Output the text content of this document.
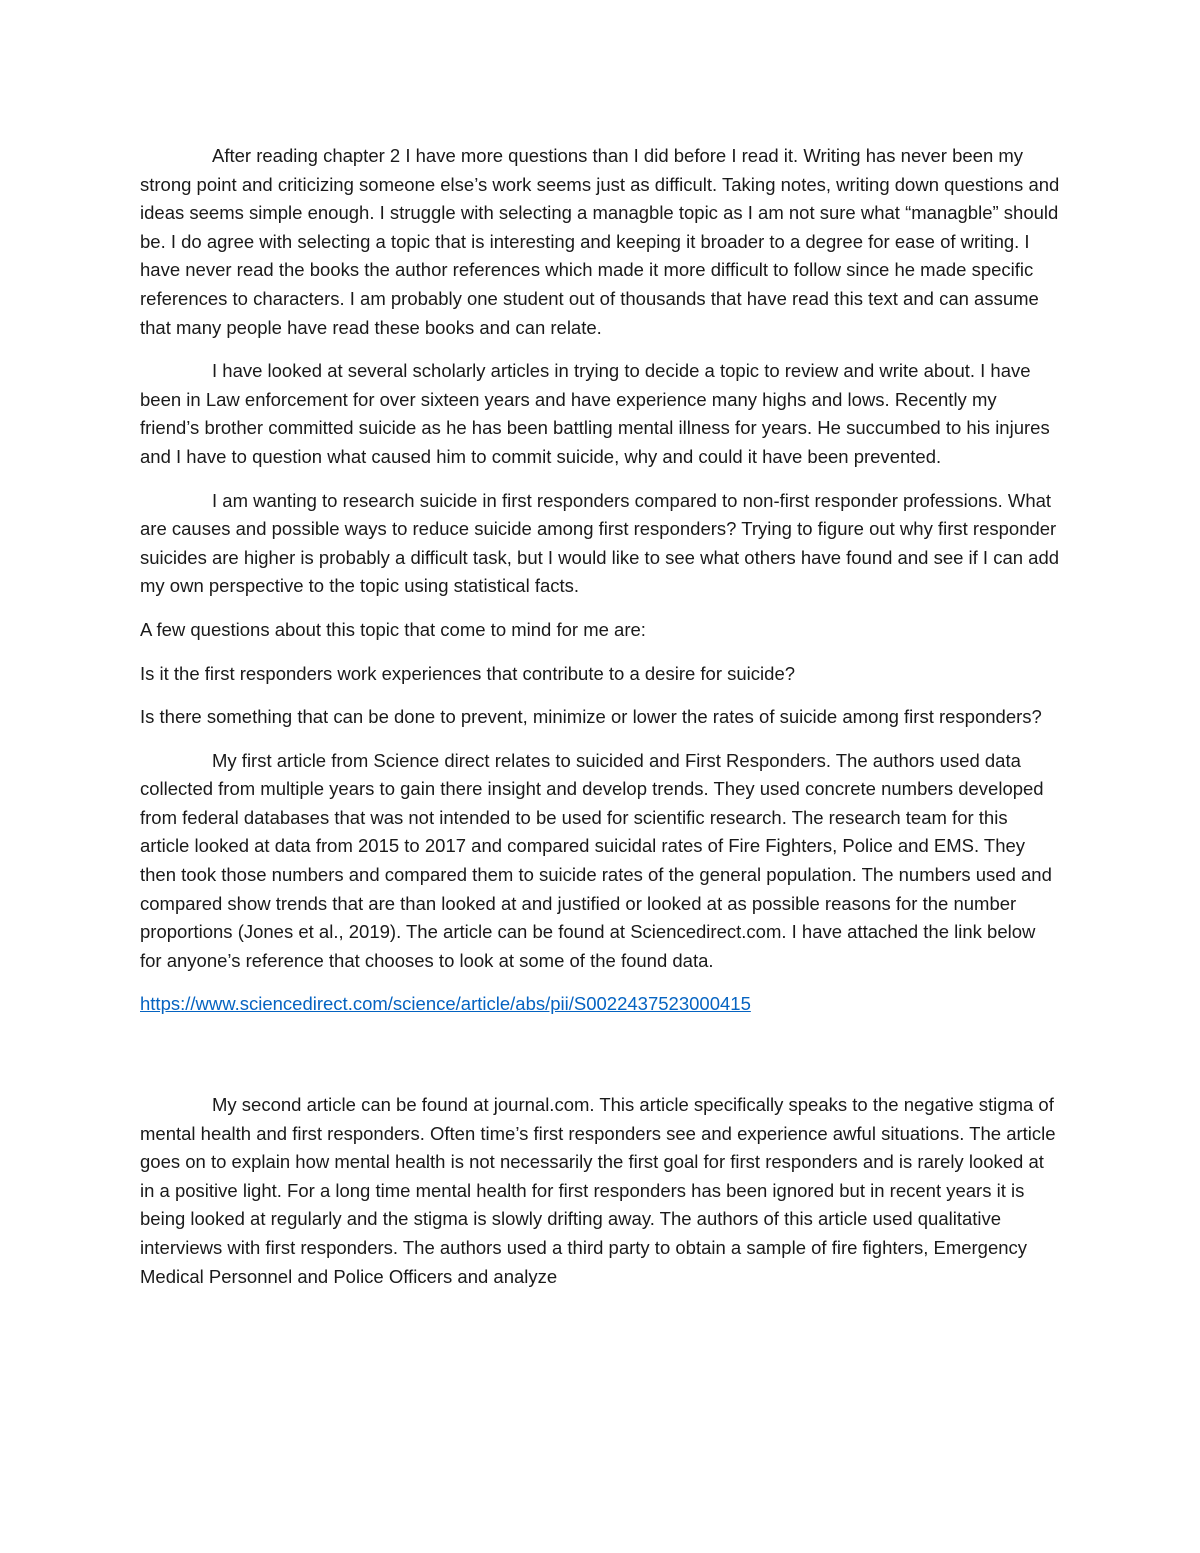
After reading chapter 2 I have more questions than I did before I read it. Writing has never been my strong point and criticizing someone else’s work seems just as difficult. Taking notes, writing down questions and ideas seems simple enough. I struggle with selecting a managble topic as I am not sure what “managble” should be. I do agree with selecting a topic that is interesting and keeping it broader to a degree for ease of writing. I have never read the books the author references which made it more difficult to follow since he made specific references to characters. I am probably one student out of thousands that have read this text and can assume that many people have read these books and can relate.

I have looked at several scholarly articles in trying to decide a topic to review and write about. I have been in Law enforcement for over sixteen years and have experience many highs and lows. Recently my friend’s brother committed suicide as he has been battling mental illness for years. He succumbed to his injures and I have to question what caused him to commit suicide, why and could it have been prevented.

I am wanting to research suicide in first responders compared to non-first responder professions. What are causes and possible ways to reduce suicide among first responders? Trying to figure out why first responder suicides are higher is probably a difficult task, but I would like to see what others have found and see if I can add my own perspective to the topic using statistical facts.

A few questions about this topic that come to mind for me are:

Is it the first responders work experiences that contribute to a desire for suicide?

Is there something that can be done to prevent, minimize or lower the rates of suicide among first responders?

My first article from Science direct relates to suicided and First Responders. The authors used data collected from multiple years to gain there insight and develop trends. They used concrete numbers developed from federal databases that was not intended to be used for scientific research. The research team for this article looked at data from 2015 to 2017 and compared suicidal rates of Fire Fighters, Police and EMS. They then took those numbers and compared them to suicide rates of the general population. The numbers used and compared show trends that are than looked at and justified or looked at as possible reasons for the number proportions (Jones et al., 2019). The article can be found at Sciencedirect.com. I have attached the link below for anyone’s reference that chooses to look at some of the found data.

https://www.sciencedirect.com/science/article/abs/pii/S0022437523000415

My second article can be found at journal.com. This article specifically speaks to the negative stigma of mental health and first responders. Often time’s first responders see and experience awful situations. The article goes on to explain how mental health is not necessarily the first goal for first responders and is rarely looked at in a positive light. For a long time mental health for first responders has been ignored but in recent years it is being looked at regularly and the stigma is slowly drifting away. The authors of this article used qualitative interviews with first responders. The authors used a third party to obtain a sample of fire fighters, Emergency Medical Personnel and Police Officers and analyze
